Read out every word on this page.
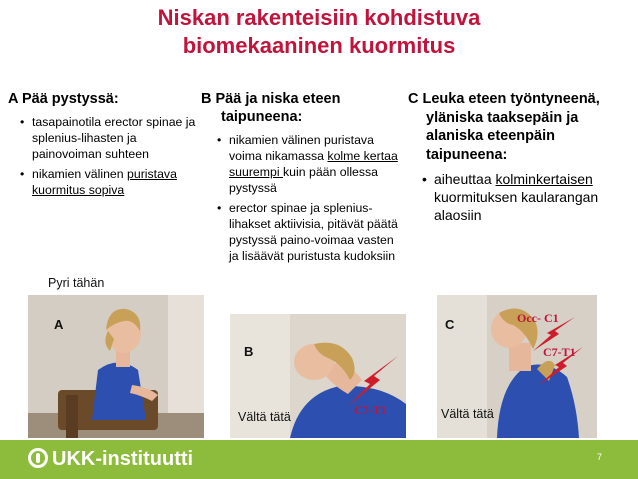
Niskan rakenteisiin kohdistuva
biomekaaninen kuormitus
A Pää pystyssä:
• tasapainotila erector spinae ja splenius-lihasten ja painovoiman suhteen
• nikamien välinen puristava kuormitus sopiva
Pyri tähän
A
B Pää ja niska eteen taipuneena:
• nikamien välinen puristava voima nikamassa kolme kertaa suurempi kuin pään ollessa pystyssä
• erector spinae ja splenius-lihakset aktiivisia, pitävät päätä pystyssä paino-voimaa vasten ja lisäävät puristusta kudoksiin
B
C7-T1
Vältä tätä
C Leuka eteen työntyneenä, yläniska taaksepäin ja alaniska eteenpäin taipuneena:
• aiheuttaa kolminkertaisen kuormituksen kaularangan alaosiin
C	Occ- C1
C7-T1
Vältä tätä
UKK-instituutti	7
